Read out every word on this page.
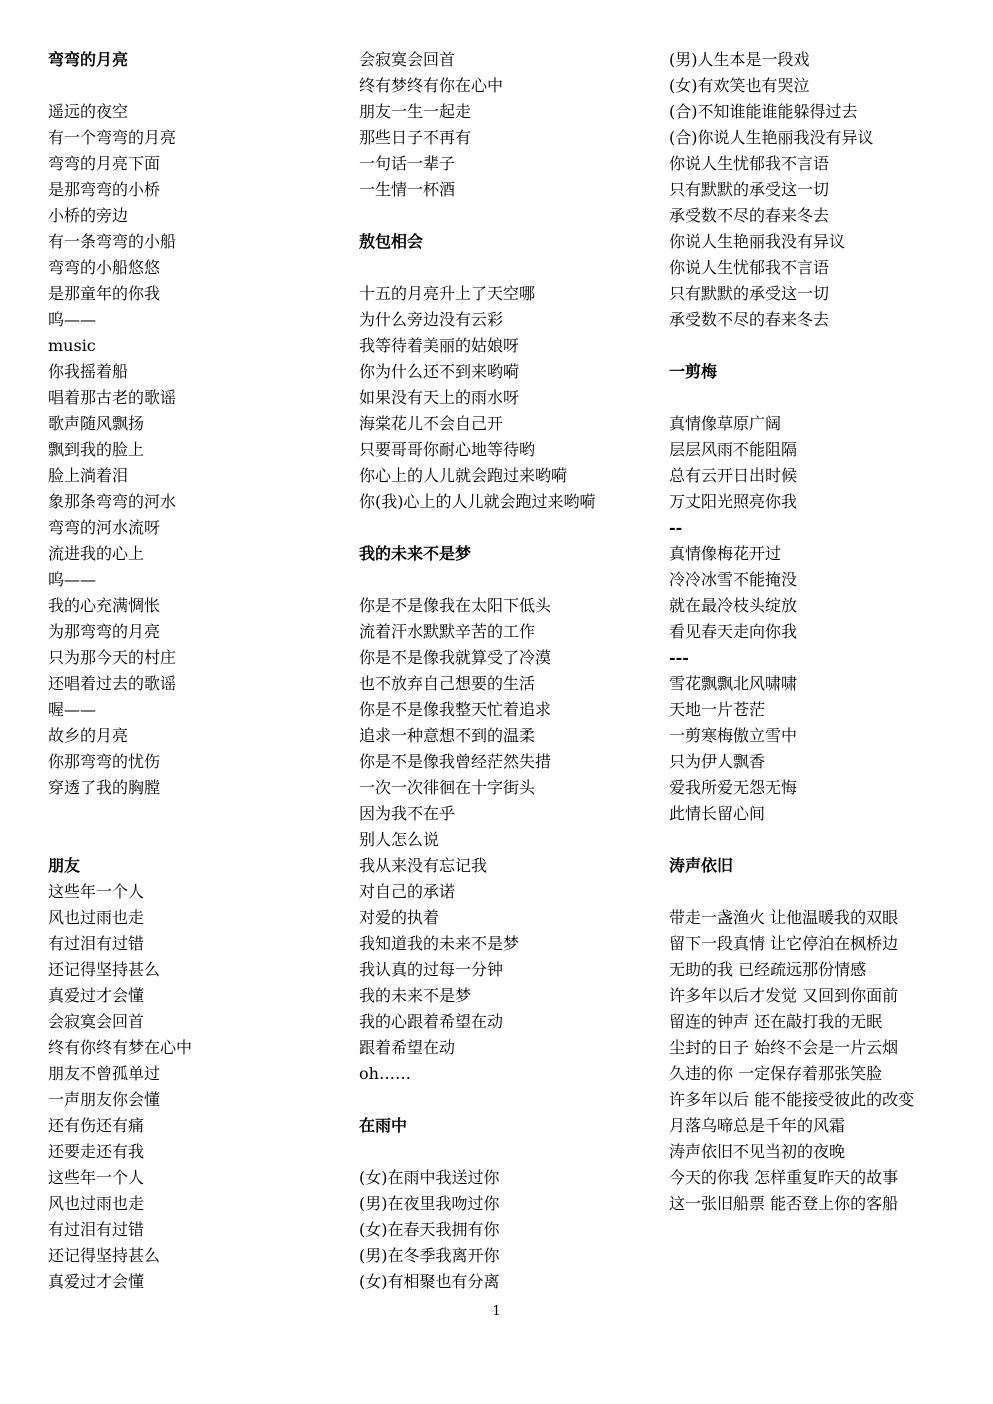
弯弯的月亮
遥远的夜空
有一个弯弯的月亮
弯弯的月亮下面
是那弯弯的小桥
小桥的旁边
有一条弯弯的小船
弯弯的小船悠悠
是那童年的你我
呜——
music
你我摇着船
唱着那古老的歌谣
歌声随风飘扬
飘到我的脸上
脸上淌着泪
象那条弯弯的河水
弯弯的河水流呀
流进我的心上
呜——
我的心充满惆怅
为那弯弯的月亮
只为那今天的村庄
还唱着过去的歌谣
喔——
故乡的月亮
你那弯弯的忧伤
穿透了我的胸膛
朋友
这些年一个人
风也过雨也走
有过泪有过错
还记得坚持甚么
真爱过才会懂
会寂寞会回首
终有你终有梦在心中
朋友不曾孤单过
一声朋友你会懂
还有伤还有痛
还要走还有我
这些年一个人
风也过雨也走
有过泪有过错
还记得坚持甚么
真爱过才会懂
会寂寞会回首
终有梦终有你在心中
朋友一生一起走
那些日子不再有
一句话一辈子
一生情一杯酒
敖包相会
十五的月亮升上了天空哪
为什么旁边没有云彩
我等待着美丽的姑娘呀
你为什么还不到来哟嗬
如果没有天上的雨水呀
海棠花儿不会自己开
只要哥哥你耐心地等待哟
你心上的人儿就会跑过来哟嗬
你(我)心上的人儿就会跑过来哟嗬
我的未来不是梦
你是不是像我在太阳下低头
流着汗水默默辛苦的工作
你是不是像我就算受了冷漠
也不放弃自己想要的生活
你是不是像我整天忙着追求
追求一种意想不到的温柔
你是不是像我曾经茫然失措
一次一次徘徊在十字街头
因为我不在乎
别人怎么说
我从来没有忘记我
对自己的承诺
对爱的执着
我知道我的未来不是梦
我认真的过每一分钟
我的未来不是梦
我的心跟着希望在动
跟着希望在动
oh……
在雨中
(女)在雨中我送过你
(男)在夜里我吻过你
(女)在春天我拥有你
(男)在冬季我离开你
(女)有相聚也有分离
(男)人生本是一段戏
(女)有欢笑也有哭泣
(合)不知谁能谁能躲得过去
(合)你说人生艳丽我没有异议
你说人生忧郁我不言语
只有默默的承受这一切
承受数不尽的春来冬去
你说人生艳丽我没有异议
你说人生忧郁我不言语
只有默默的承受这一切
承受数不尽的春来冬去
一剪梅
真情像草原广阔
层层风雨不能阻隔
总有云开日出时候
万丈阳光照亮你我
--
真情像梅花开过
冷冷冰雪不能掩没
就在最冷枝头绽放
看见春天走向你我
---
雪花飘飘北风啸啸
天地一片苍茫
一剪寒梅傲立雪中
只为伊人飘香
爱我所爱无怨无悔
此情长留心间
涛声依旧
带走一盏渔火 让他温暖我的双眼
留下一段真情 让它停泊在枫桥边
无助的我 已经疏远那份情感
许多年以后才发觉 又回到你面前
留连的钟声 还在敲打我的无眠
尘封的日子 始终不会是一片云烟
久违的你 一定保存着那张笑脸
许多年以后 能不能接受彼此的改变
月落乌啼总是千年的风霜
涛声依旧不见当初的夜晚
今天的你我 怎样重复昨天的故事
这一张旧船票 能否登上你的客船
1
